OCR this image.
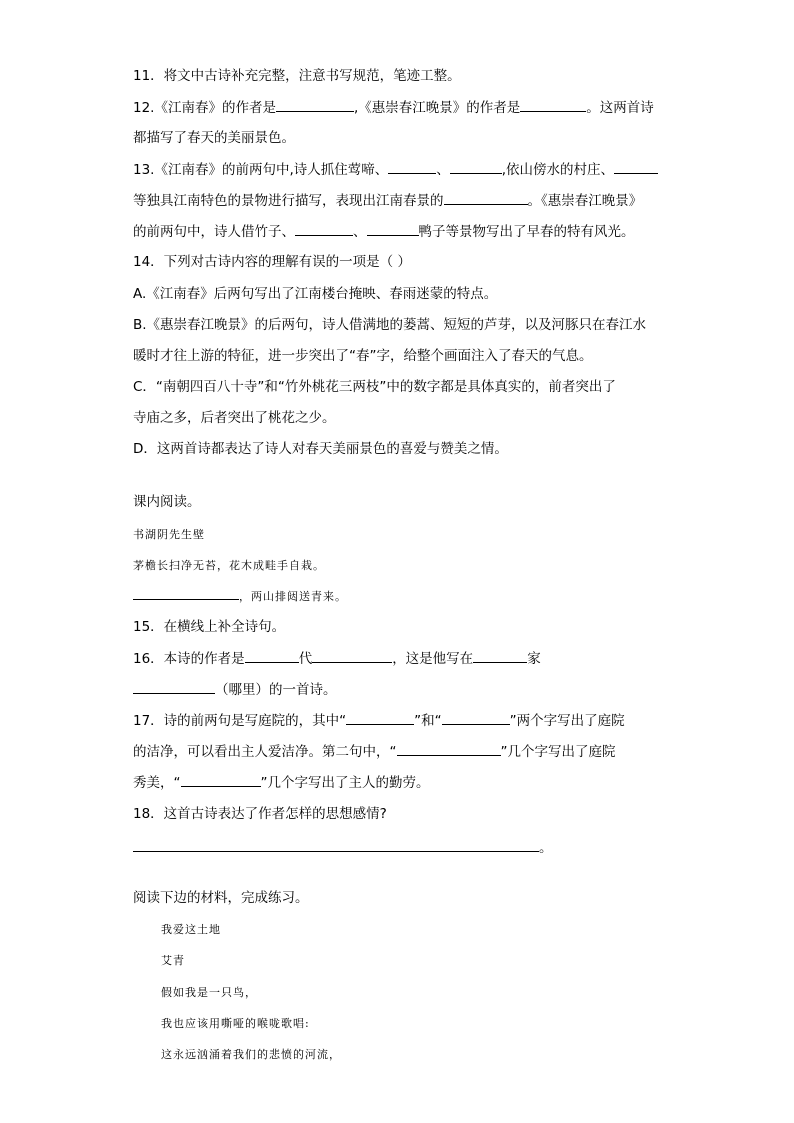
11．将文中古诗补充完整，注意书写规范，笔迹工整。
12.《江南春》的作者是	,《惠崇春江晚景》的作者是	。这两首诗
都描写了春天的美丽景色。
13.《江南春》的前两句中,诗人抓住莺啼、	、	,依山傍水的村庄、
等独具江南特色的景物进行描写，表现出江南春景的	。《惠崇春江晚景》
的前两句中，诗人借竹子、	、	鸭子等景物写出了早春的特有风光。
14．下列对古诗内容的理解有误的一项是（ ）
A.《江南春》后两句写出了江南楼台掩映、春雨迷蒙的特点。
B.《惠崇春江晚景》的后两句，诗人借满地的蒌蒿、短短的芦芽，以及河豚只在春江水
暖时才往上游的特征，进一步突出了“春”字，给整个画面注入了春天的气息。
C．“南朝四百八十寺”和“竹外桃花三两枝”中的数字都是具体真实的，前者突出了
寺庙之多，后者突出了桃花之少。
D．这两首诗都表达了诗人对春天美丽景色的喜爱与赞美之情。
课内阅读。
书湖阴先生壁
茅檐长扫净无苔，花木成畦手自栽。
，两山排闼送青来。
15．在横线上补全诗句。
16．本诗的作者是	代	，这是他写在	家
（哪里）的一首诗。
17．诗的前两句是写庭院的，其中“	”和“	”两个字写出了庭院
的洁净，可以看出主人爱洁净。第二句中，“	”几个字写出了庭院
秀美，“	”几个字写出了主人的勤劳。
18．这首古诗表达了作者怎样的思想感情?
。
阅读下边的材料，完成练习。
我爱这土地
艾青
假如我是一只鸟，
我也应该用嘶哑的喉咙歌唱:
这永远汹涌着我们的悲愤的河流，
